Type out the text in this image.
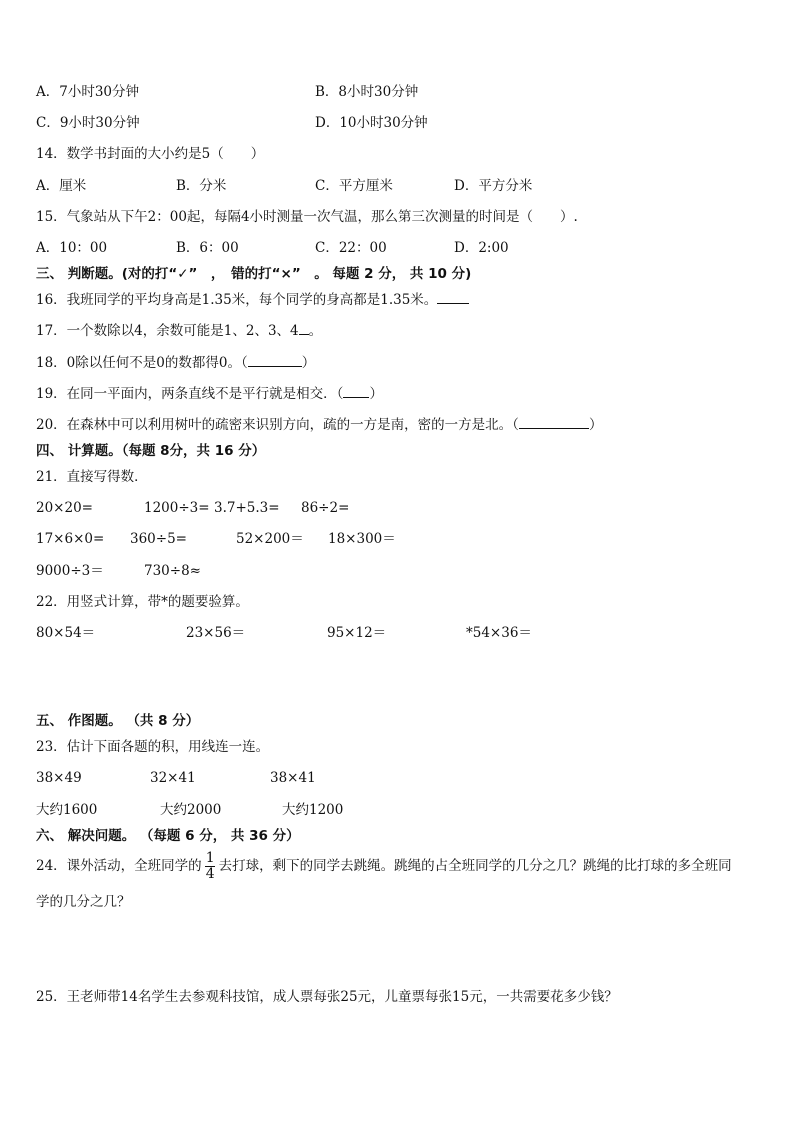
A．7小时30分钟	B．8小时30分钟
C．9小时30分钟	D．10小时30分钟
14．数学书封面的大小约是5（　　）
A．厘米	B．分米	C．平方厘米	D．平方分米
15．气象站从下午2：00起，每隔4小时测量一次气温，那么第三次测量的时间是（　　）.
A．10：00	B．6：00	C．22：00	D．2:00
三、 判断题。(对的打“✓”　，　错的打“×”　。 每题 2 分， 共 10 分)
16．我班同学的平均身高是1.35米，每个同学的身高都是1.35米。
17．一个数除以4，余数可能是1、2、3、4 。
18．0除以任何不是0的数都得0。（	）
19．在同一平面内，两条直线不是平行就是相交．（ ）
20．在森林中可以利用树叶的疏密来识别方向，疏的一方是南，密的一方是北。（	）
四、 计算题。（每题 8分，共 16 分）
21．直接写得数．
20×20=	1200÷3= 3.7+5.3= 86÷2=
17×6×0= 360÷5=	52×200＝ 18×300＝
9000÷3＝	730÷8≈
22．用竖式计算，带*的题要验算。
80×54＝	23×56＝	95×12＝	*54×36＝
五、 作图题。 （共 8 分）
23．估计下面各题的积，用线连一连。
38×49	32×41	38×41
大约1600	大约2000	大约1200
六、 解决问题。 （每题 6 分， 共 36 分）
24．课外活动，全班同学的 $\frac{1}{4}$ 去打球，剩下的同学去跳绳。跳绳的占全班同学的几分之几？跳绳的比打球的多全班同
学的几分之几？
25．王老师带14名学生去参观科技馆，成人票每张25元，儿童票每张15元，一共需要花多少钱？
